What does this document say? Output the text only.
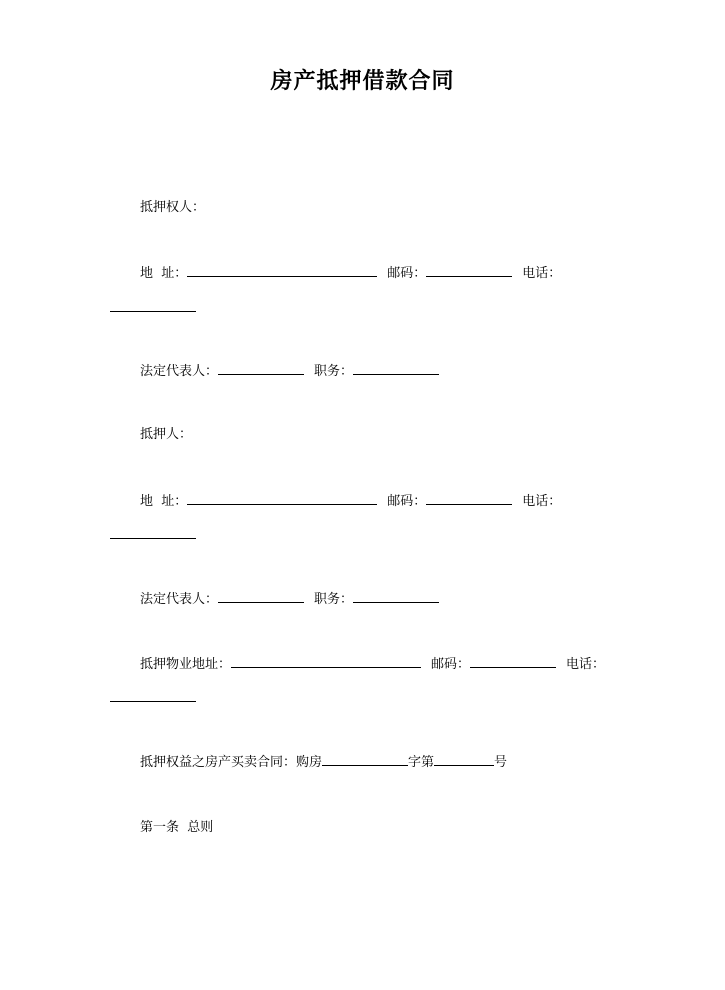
房产抵押借款合同
抵押权人：
地  址：	邮码：	电话：
法定代表人：	职务：
抵押人：
地  址：	邮码：	电话：
法定代表人：	职务：
抵押物业地址：	邮码：	电话：
抵押权益之房产买卖合同：购房	字第	号
第一条  总则
